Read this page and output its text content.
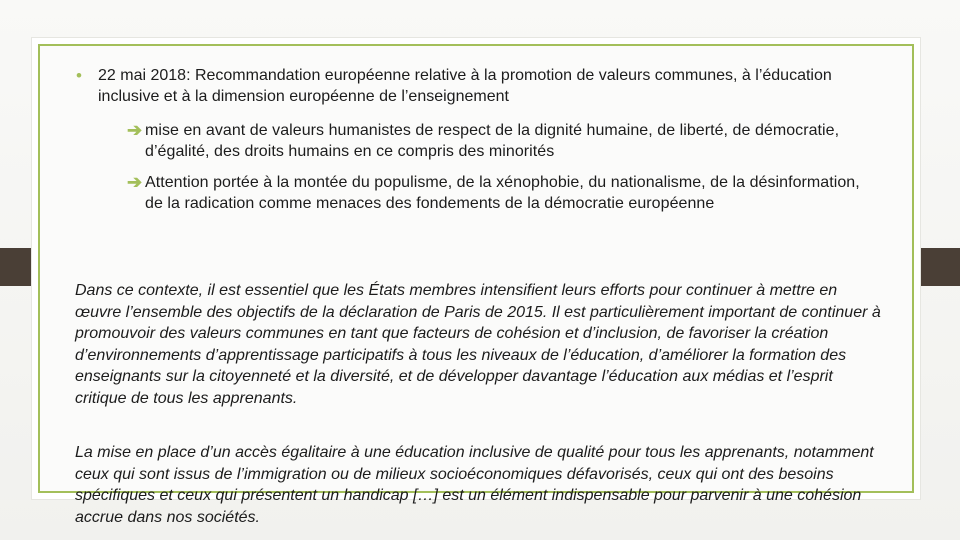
• 22 mai 2018: Recommandation européenne relative à la promotion de valeurs communes, à l’éducation inclusive et à la dimension européenne de l’enseignement
➔ mise en avant de valeurs humanistes de respect de la dignité humaine, de liberté, de démocratie, d’égalité, des droits humains en ce compris des minorités
➔ Attention portée à la montée du populisme, de la xénophobie, du nationalisme, de la désinformation, de la radication comme menaces des fondements de la démocratie européenne
Dans ce contexte, il est essentiel que les États membres intensifient leurs efforts pour continuer à mettre en œuvre l’ensemble des objectifs de la déclaration de Paris de 2015. Il est particulièrement important de continuer à promouvoir des valeurs communes en tant que facteurs de cohésion et d’inclusion, de favoriser la création d’environnements d’apprentissage participatifs à tous les niveaux de l’éducation, d’améliorer la formation des enseignants sur la citoyenneté et la diversité, et de développer davantage l’éducation aux médias et l’esprit critique de tous les apprenants.
La mise en place d’un accès égalitaire à une éducation inclusive de qualité pour tous les apprenants, notamment ceux qui sont issus de l’immigration ou de milieux socioéconomiques défavorisés, ceux qui ont des besoins spécifiques et ceux qui présentent un handicap […] est un élément indispensable pour parvenir à une cohésion accrue dans nos sociétés.
